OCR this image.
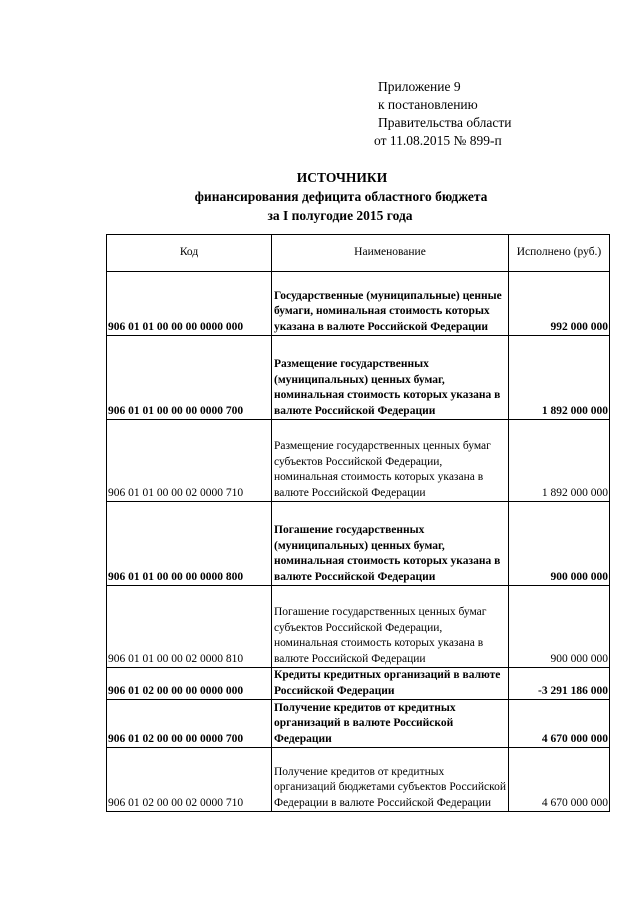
Приложение 9
к постановлению
Правительства области
от 11.08.2015 № 899-п
ИСТОЧНИКИ
финансирования дефицита областного бюджета
за I полугодие 2015 года
Код	Наименование	Исполнено (руб.)
906 01 01 00 00 00 0000 000	Государственные (муниципальные) ценные бумаги, номинальная стоимость которых указана в валюте Российской Федерации	992 000 000
906 01 01 00 00 00 0000 700	Размещение государственных (муниципальных) ценных бумаг, номинальная стоимость которых указана в валюте Российской Федерации	1 892 000 000
906 01 01 00 00 02 0000 710	Размещение государственных ценных бумаг субъектов Российской Федерации, номинальная стоимость которых указана в валюте Российской Федерации	1 892 000 000
906 01 01 00 00 00 0000 800	Погашение государственных (муниципальных) ценных бумаг, номинальная стоимость которых указана в валюте Российской Федерации	900 000 000
906 01 01 00 00 02 0000 810	Погашение государственных ценных бумаг субъектов Российской Федерации, номинальная стоимость которых указана в валюте Российской Федерации	900 000 000
906 01 02 00 00 00 0000 000	Кредиты кредитных организаций в валюте Российской Федерации	-3 291 186 000
906 01 02 00 00 00 0000 700	Получение кредитов от кредитных организаций в валюте Российской Федерации	4 670 000 000
906 01 02 00 00 02 0000 710	Получение кредитов от кредитных организаций бюджетами субъектов Российской Федерации в валюте Российской Федерации	4 670 000 000
